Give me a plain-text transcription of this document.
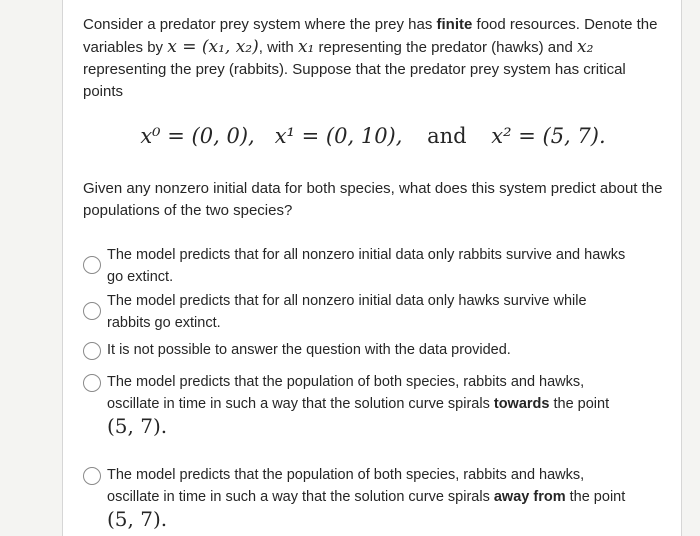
Consider a predator prey system where the prey has finite food resources. Denote the variables by x = (x₁, x₂), with x₁ representing the predator (hawks) and x₂ representing the prey (rabbits). Suppose that the predator prey system has critical points
x⁰ = (0, 0), x¹ = (0, 10), and x² = (5, 7).
Given any nonzero initial data for both species, what does this system predict about the populations of the two species?
The model predicts that for all nonzero initial data only rabbits survive and hawks go extinct.
The model predicts that for all nonzero initial data only hawks survive while rabbits go extinct.
It is not possible to answer the question with the data provided.
The model predicts that the population of both species, rabbits and hawks, oscillate in time in such a way that the solution curve spirals towards the point
(5, 7).
The model predicts that the population of both species, rabbits and hawks, oscillate in time in such a way that the solution curve spirals away from the point (5, 7).
